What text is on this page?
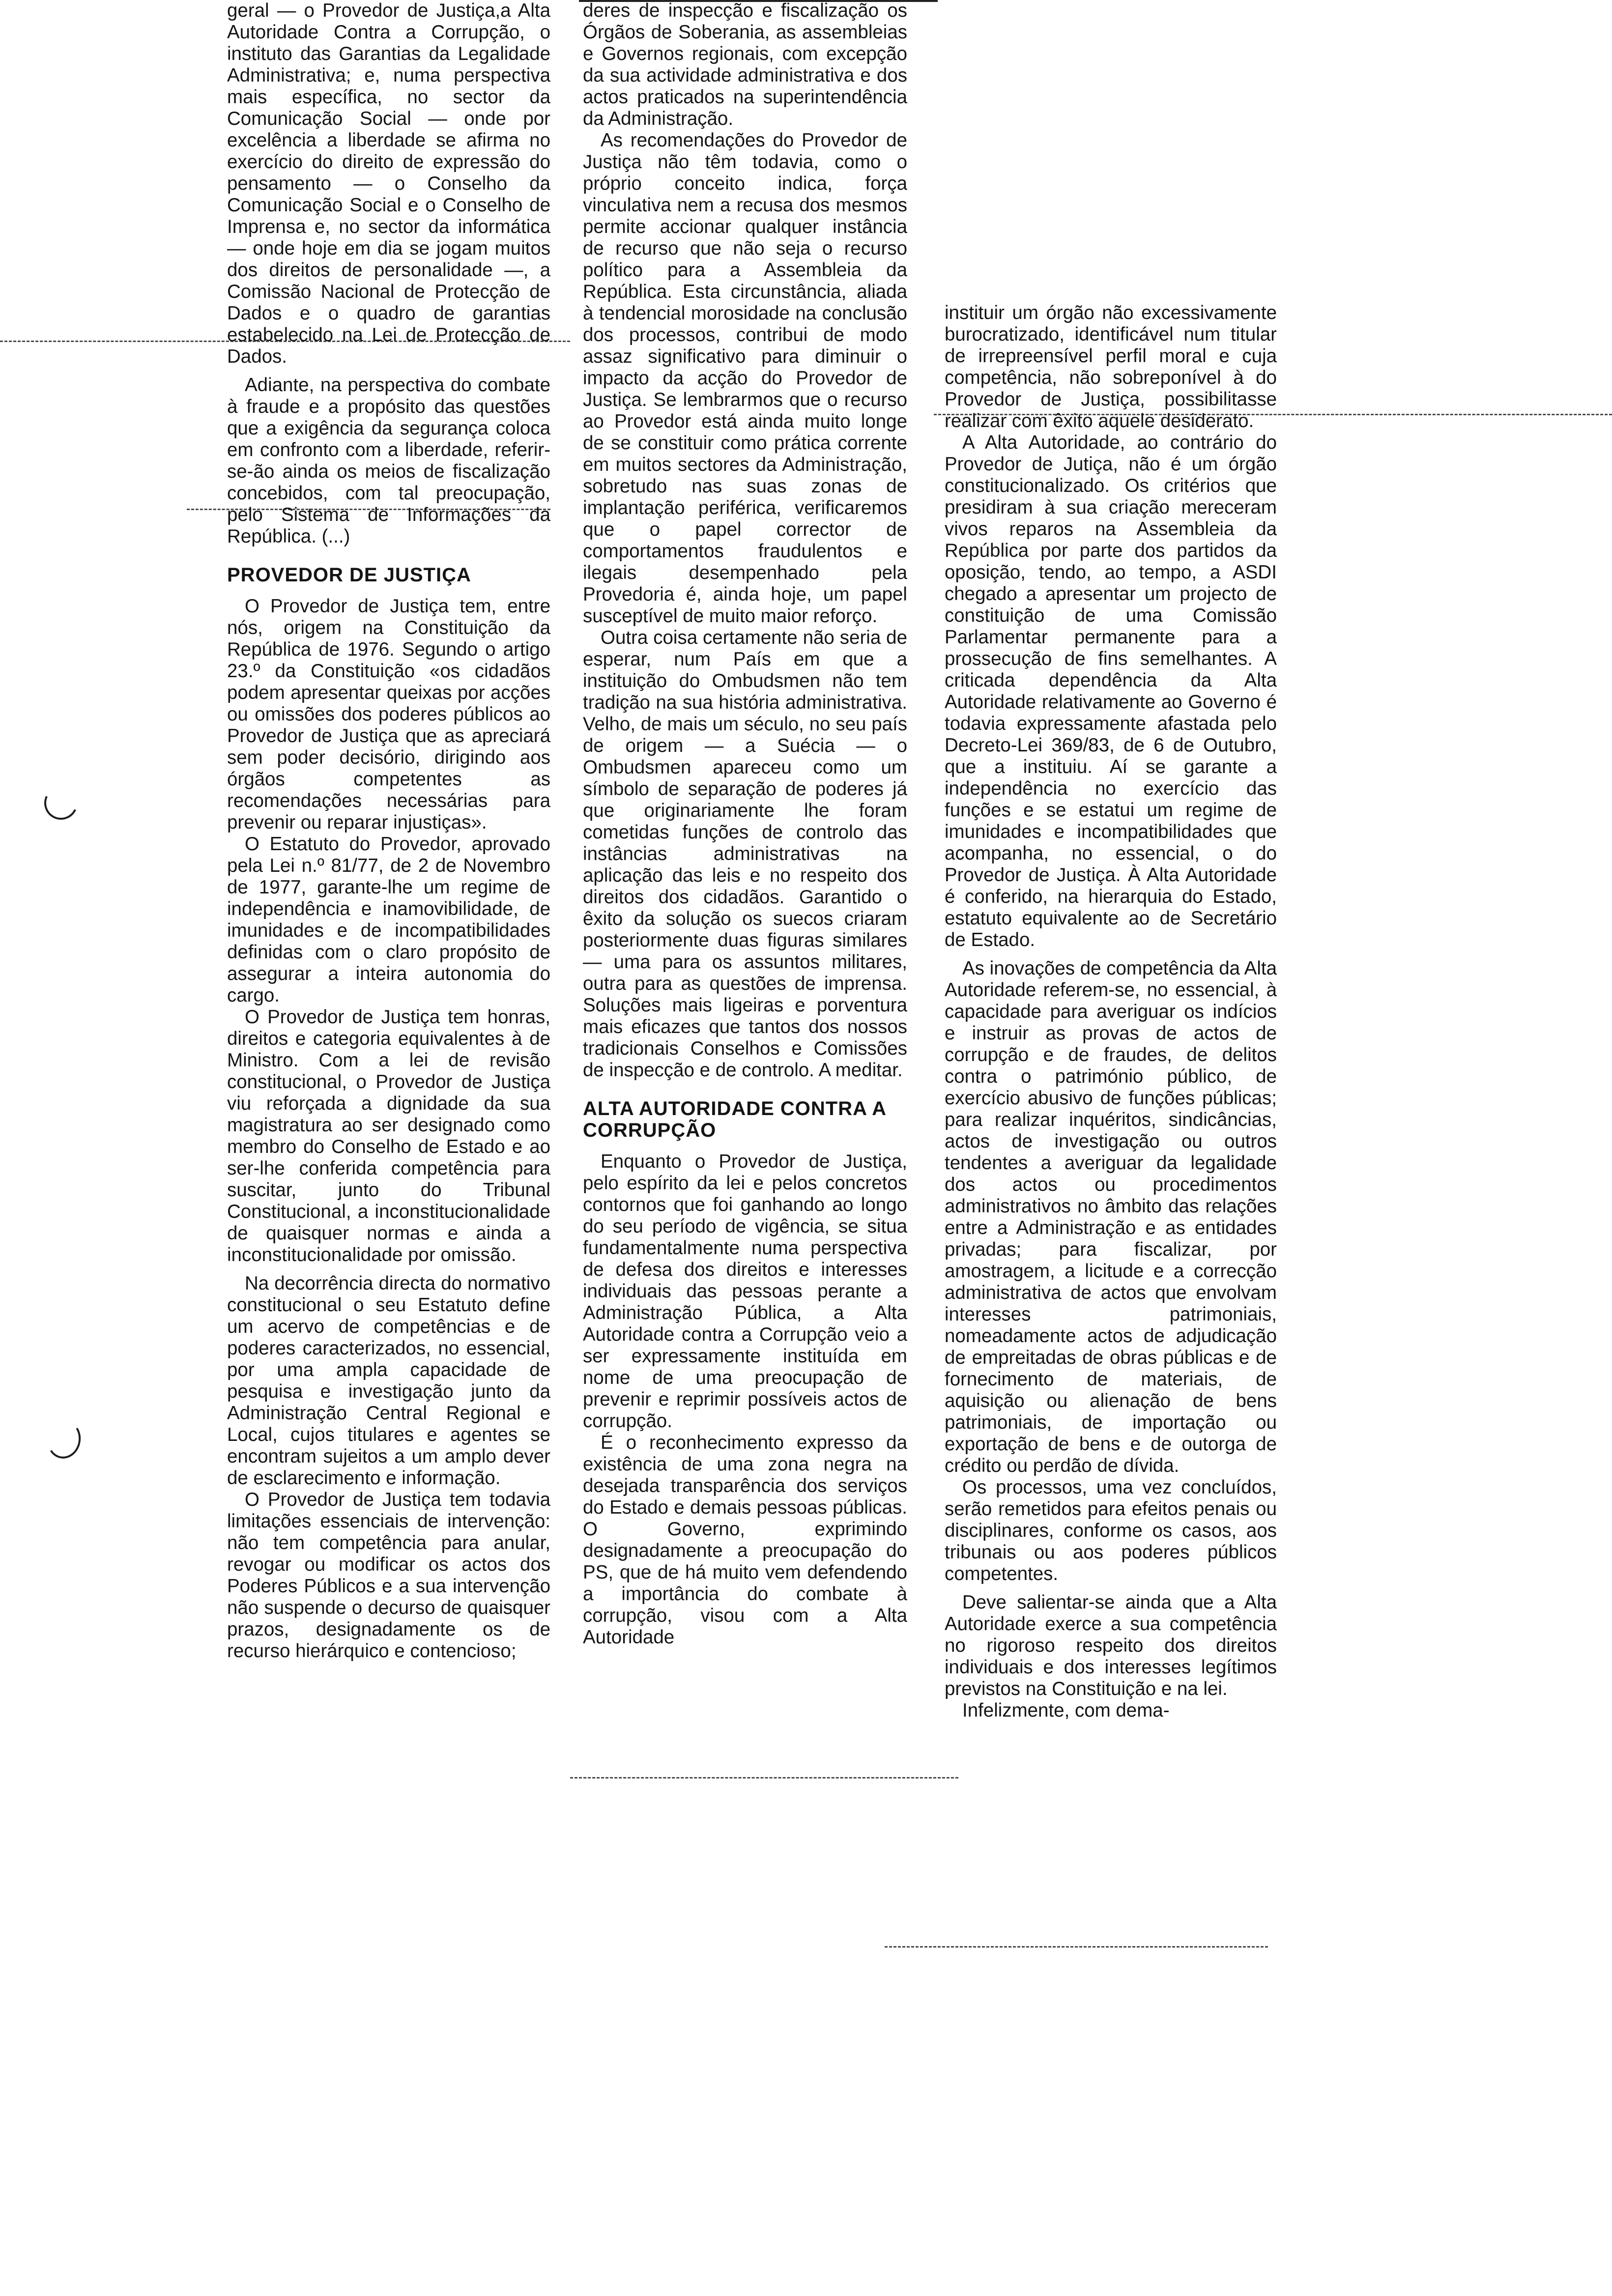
geral — o Provedor de Justiça,a Alta Autoridade Contra a Corrupção, o instituto das Garantias da Legalidade Administrativa; e, numa perspectiva mais específica, no sector da Comunicação Social — onde por excelência a liberdade se afirma no exercício do direito de expressão do pensamento — o Conselho da Comunicação Social e o Conselho de Imprensa e, no sector da informática — onde hoje em dia se jogam muitos dos direitos de personalidade —, a Comissão Nacional de Protecção de Dados e o quadro de garantias estabelecido na Lei de Protecção de Dados.

Adiante, na perspectiva do combate à fraude e a propósito das questões que a exigência da segurança coloca em confronto com a liberdade, referir-se-ão ainda os meios de fiscalização concebidos, com tal preocupação, pelo Sistema de Informações da República. (...)

PROVEDOR DE JUSTIÇA

O Provedor de Justiça tem, entre nós, origem na Constituição da República de 1976. Segundo o artigo 23.º da Constituição «os cidadãos podem apresentar queixas por acções ou omissões dos poderes públicos ao Provedor de Justiça que as apreciará sem poder decisório, dirigindo aos órgãos competentes as recomendações necessárias para prevenir ou reparar injustiças».

O Estatuto do Provedor, aprovado pela Lei n.º 81/77, de 2 de Novembro de 1977, garante-lhe um regime de independência e inamovibilidade, de imunidades e de incompatibilidades definidas com o claro propósito de assegurar a inteira autonomia do cargo.

O Provedor de Justiça tem honras, direitos e categoria equivalentes à de Ministro. Com a lei de revisão constitucional, o Provedor de Justiça viu reforçada a dignidade da sua magistratura ao ser designado como membro do Conselho de Estado e ao ser-lhe conferida competência para suscitar, junto do Tribunal Constitucional, a inconstitucionalidade de quaisquer normas e ainda a inconstitucionalidade por omissão.

Na decorrência directa do normativo constitucional o seu Estatuto define um acervo de competências e de poderes caracterizados, no essencial, por uma ampla capacidade de pesquisa e investigação junto da Administração Central Regional e Local, cujos titulares e agentes se encontram sujeitos a um amplo dever de esclarecimento e informação.

O Provedor de Justiça tem todavia limitações essenciais de intervenção: não tem competência para anular, revogar ou modificar os actos dos Poderes Públicos e a sua intervenção não suspende o decurso de quaisquer prazos, designadamente os de recurso hierárquico e contencioso;

deres de inspecção e fiscalização os Órgãos de Soberania, as assembleias e Governos regionais, com excepção da sua actividade administrativa e dos actos praticados na superintendência da Administração.

As recomendações do Provedor de Justiça não têm todavia, como o próprio conceito indica, força vinculativa nem a recusa dos mesmos permite accionar qualquer instância de recurso que não seja o recurso político para a Assembleia da República. Esta circunstância, aliada à tendencial morosidade na conclusão dos processos, contribui de modo assaz significativo para diminuir o impacto da acção do Provedor de Justiça. Se lembrarmos que o recurso ao Provedor está ainda muito longe de se constituir como prática corrente em muitos sectores da Administração, sobretudo nas suas zonas de implantação periférica, verificaremos que o papel corrector de comportamentos fraudulentos e ilegais desempenhado pela Provedoria é, ainda hoje, um papel susceptível de muito maior reforço.

Outra coisa certamente não seria de esperar, num País em que a instituição do Ombudsmen não tem tradição na sua história administrativa. Velho, de mais um século, no seu país de origem — a Suécia — o Ombudsmen apareceu como um símbolo de separação de poderes já que originariamente lhe foram cometidas funções de controlo das instâncias administrativas na aplicação das leis e no respeito dos direitos dos cidadãos. Garantido o êxito da solução os suecos criaram posteriormente duas figuras similares — uma para os assuntos militares, outra para as questões de imprensa. Soluções mais ligeiras e porventura mais eficazes que tantos dos nossos tradicionais Conselhos e Comissões de inspecção e de controlo. A meditar.

ALTA AUTORIDADE CONTRA A CORRUPÇÃO

Enquanto o Provedor de Justiça, pelo espírito da lei e pelos concretos contornos que foi ganhando ao longo do seu período de vigência, se situa fundamentalmente numa perspectiva de defesa dos direitos e interesses individuais das pessoas perante a Administração Pública, a Alta Autoridade contra a Corrupção veio a ser expressamente instituída em nome de uma preocupação de prevenir e reprimir possíveis actos de corrupção.

É o reconhecimento expresso da existência de uma zona negra na desejada transparência dos serviços do Estado e demais pessoas públicas. O Governo, exprimindo designadamente a preocupação do PS, que de há muito vem defendendo a importância do combate à corrupção, visou com a Alta Autoridade

instituir um órgão não excessivamente burocratizado, identificável num titular de irrepreensível perfil moral e cuja competência, não sobreponível à do Provedor de Justiça, possibilitasse realizar com êxito aquele desiderato.

A Alta Autoridade, ao contrário do Provedor de Jutiça, não é um órgão constitucionalizado. Os critérios que presidiram à sua criação mereceram vivos reparos na Assembleia da República por parte dos partidos da oposição, tendo, ao tempo, a ASDI chegado a apresentar um projecto de constituição de uma Comissão Parlamentar permanente para a prossecução de fins semelhantes. A criticada dependência da Alta Autoridade relativamente ao Governo é todavia expressamente afastada pelo Decreto-Lei 369/83, de 6 de Outubro, que a instituiu. Aí se garante a independência no exercício das funções e se estatui um regime de imunidades e incompatibilidades que acompanha, no essencial, o do Provedor de Justiça. À Alta Autoridade é conferido, na hierarquia do Estado, estatuto equivalente ao de Secretário de Estado.

As inovações de competência da Alta Autoridade referem-se, no essencial, à capacidade para averiguar os indícios e instruir as provas de actos de corrupção e de fraudes, de delitos contra o património público, de exercício abusivo de funções públicas; para realizar inquéritos, sindicâncias, actos de investigação ou outros tendentes a averiguar da legalidade dos actos ou procedimentos administrativos no âmbito das relações entre a Administração e as entidades privadas; para fiscalizar, por amostragem, a licitude e a correcção administrativa de actos que envolvam interesses patrimoniais, nomeadamente actos de adjudicação de empreitadas de obras públicas e de fornecimento de materiais, de aquisição ou alienação de bens patrimoniais, de importação ou exportação de bens e de outorga de crédito ou perdão de dívida.

Os processos, uma vez concluídos, serão remetidos para efeitos penais ou disciplinares, conforme os casos, aos tribunais ou aos poderes públicos competentes.

Deve salientar-se ainda que a Alta Autoridade exerce a sua competência no rigoroso respeito dos direitos individuais e dos interesses legítimos previstos na Constituição e na lei.

Infelizmente, com dema-
